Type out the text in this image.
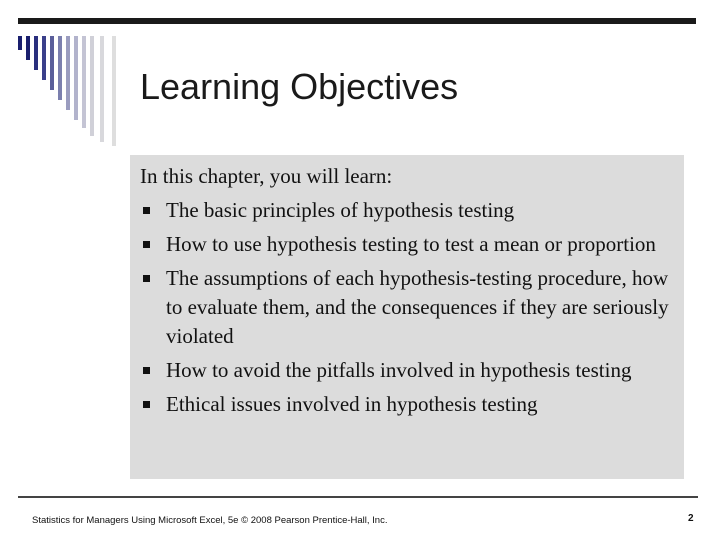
Learning Objectives

In this chapter, you will learn:

The basic principles of hypothesis testing
How to use hypothesis testing to test a mean or proportion
The assumptions of each hypothesis-testing procedure, how to evaluate them, and the consequences if they are seriously violated
How to avoid the pitfalls involved in hypothesis testing
Ethical issues involved in hypothesis testing
Statistics for Managers Using Microsoft Excel, 5e © 2008 Pearson Prentice-Hall, Inc.	2
